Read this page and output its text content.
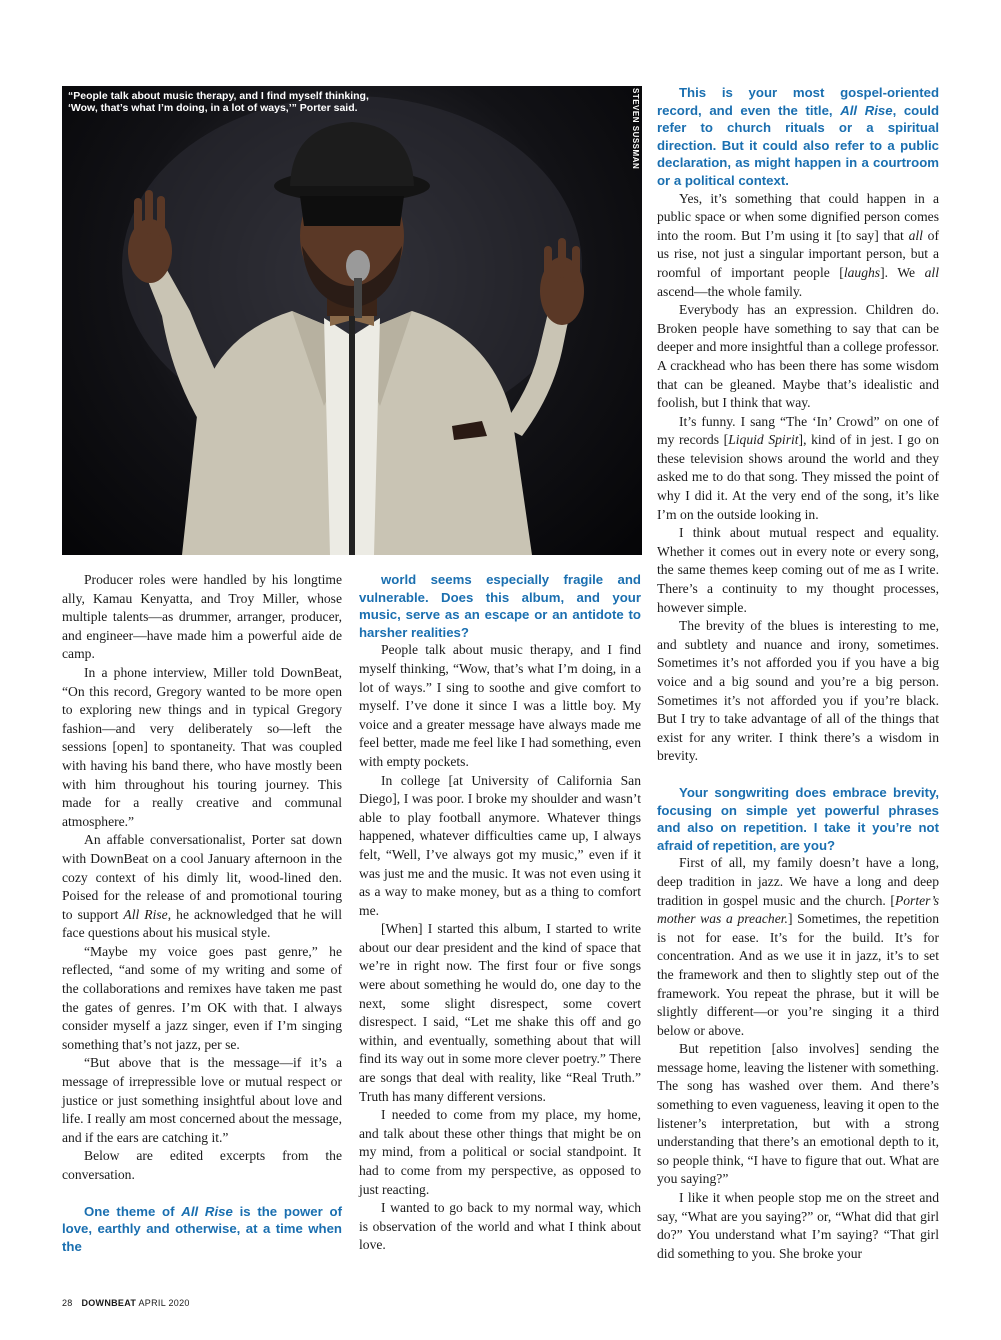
“People talk about music therapy, and I find myself thinking, ‘Wow, that’s what I’m doing, in a lot of ways,’” Porter said.	STEVEN SUSSMAN

Producer roles were handled by his longtime ally, Kamau Kenyatta, and Troy Miller, whose multiple talents—as drummer, arranger, producer, and engineer—have made him a powerful aide de camp.

In a phone interview, Miller told DownBeat, “On this record, Gregory wanted to be more open to exploring new things and in typical Gregory fashion—and very deliberately so—left the sessions [open] to spontaneity. That was coupled with having his band there, who have mostly been with him throughout his touring journey. This made for a really creative and communal atmosphere.”

An affable conversationalist, Porter sat down with DownBeat on a cool January afternoon in the cozy context of his dimly lit, wood-lined den. Poised for the release of and promotional touring to support All Rise, he acknowledged that he will face questions about his musical style.

“Maybe my voice goes past genre,” he reflected, “and some of my writing and some of the collaborations and remixes have taken me past the gates of genres. I’m OK with that. I always consider myself a jazz singer, even if I’m singing something that’s not jazz, per se.

“But above that is the message—if it’s a message of irrepressible love or mutual respect or justice or just something insightful about love and life. I really am most concerned about the message, and if the ears are catching it.”

Below are edited excerpts from the conversation.

One theme of All Rise is the power of love, earthly and otherwise, at a time when the

world seems especially fragile and vulnerable. Does this album, and your music, serve as an escape or an antidote to harsher realities?

People talk about music therapy, and I find myself thinking, “Wow, that’s what I’m doing, in a lot of ways.” I sing to soothe and give comfort to myself. I’ve done it since I was a little boy. My voice and a greater message have always made me feel better, made me feel like I had something, even with empty pockets.

In college [at University of California San Diego], I was poor. I broke my shoulder and wasn’t able to play football anymore. Whatever things happened, whatever difficulties came up, I always felt, “Well, I’ve always got my music,” even if it was just me and the music. It was not even using it as a way to make money, but as a thing to comfort me.

[When] I started this album, I started to write about our dear president and the kind of space that we’re in right now. The first four or five songs were about something he would do, one day to the next, some slight disrespect, some covert disrespect. I said, “Let me shake this off and go within, and eventually, something about that will find its way out in some more clever poetry.” There are songs that deal with reality, like “Real Truth.” Truth has many different versions.

I needed to come from my place, my home, and talk about these other things that might be on my mind, from a political or social standpoint. It had to come from my perspective, as opposed to just reacting.

I wanted to go back to my normal way, which is observation of the world and what I think about love.

This is your most gospel-oriented record, and even the title, All Rise, could refer to church rituals or a spiritual direction. But it could also refer to a public declaration, as might happen in a courtroom or a political context.

Yes, it’s something that could happen in a public space or when some dignified person comes into the room. But I’m using it [to say] that all of us rise, not just a singular important person, but a roomful of important people [laughs]. We all ascend—the whole family.

Everybody has an expression. Children do. Broken people have something to say that can be deeper and more insightful than a college professor. A crackhead who has been there has some wisdom that can be gleaned. Maybe that’s idealistic and foolish, but I think that way.

It’s funny. I sang “The ‘In’ Crowd” on one of my records [Liquid Spirit], kind of in jest. I go on these television shows around the world and they asked me to do that song. They missed the point of why I did it. At the very end of the song, it’s like I’m on the outside looking in.

I think about mutual respect and equality. Whether it comes out in every note or every song, the same themes keep coming out of me as I write. There’s a continuity to my thought processes, however simple.

The brevity of the blues is interesting to me, and subtlety and nuance and irony, sometimes. Sometimes it’s not afforded you if you have a big voice and a big sound and you’re a big person. Sometimes it’s not afforded you if you’re black. But I try to take advantage of all of the things that exist for any writer. I think there’s a wisdom in brevity.

Your songwriting does embrace brevity, focusing on simple yet powerful phrases and also on repetition. I take it you’re not afraid of repetition, are you?

First of all, my family doesn’t have a long, deep tradition in jazz. We have a long and deep tradition in gospel music and the church. [Porter’s mother was a preacher.] Sometimes, the repetition is not for ease. It’s for the build. It’s for concentration. And as we use it in jazz, it’s to set the framework and then to slightly step out of the framework. You repeat the phrase, but it will be slightly different—or you’re singing it a third below or above.

But repetition [also involves] sending the message home, leaving the listener with something. The song has washed over them. And there’s something to even vagueness, leaving it open to the listener’s interpretation, but with a strong understanding that there’s an emotional depth to it, so people think, “I have to figure that out. What are you saying?”

I like it when people stop me on the street and say, “What are you saying?” or, “What did that girl do?” You understand what I’m saying? “That girl did something to you. She broke your

28 DOWNBEAT APRIL 2020
